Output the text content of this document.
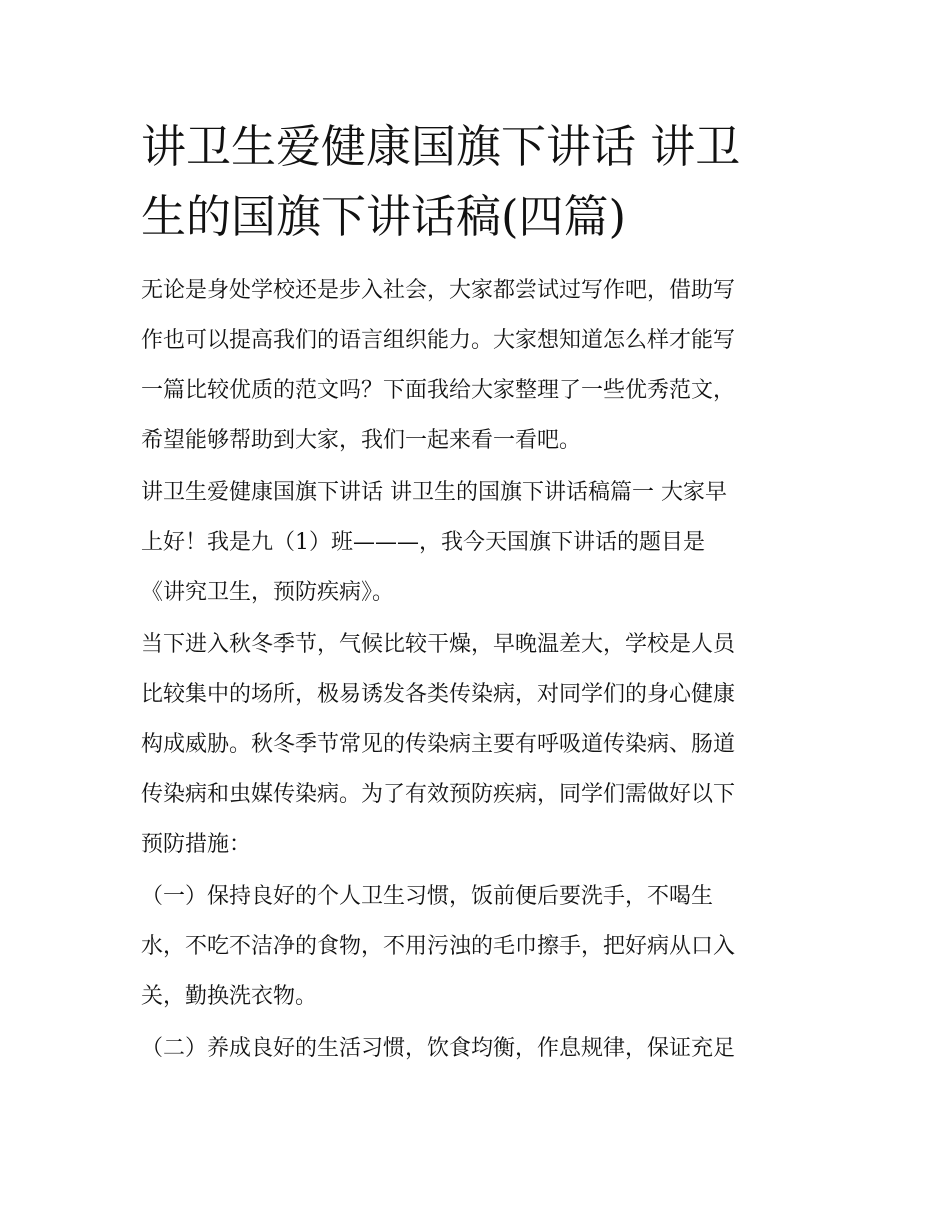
讲卫生爱健康国旗下讲话 讲卫
生的国旗下讲话稿(四篇)

无论是身处学校还是步入社会，大家都尝试过写作吧，借助写
作也可以提高我们的语言组织能力。大家想知道怎么样才能写
一篇比较优质的范文吗？下面我给大家整理了一些优秀范文，
希望能够帮助到大家，我们一起来看一看吧。

讲卫生爱健康国旗下讲话 讲卫生的国旗下讲话稿篇一 大家早
上好！我是九（1）班———，我今天国旗下讲话的题目是
《讲究卫生，预防疾病》。

当下进入秋冬季节，气候比较干燥，早晚温差大，学校是人员
比较集中的场所，极易诱发各类传染病，对同学们的身心健康
构成威胁。秋冬季节常见的传染病主要有呼吸道传染病、肠道
传染病和虫媒传染病。为了有效预防疾病，同学们需做好以下
预防措施：

（一）保持良好的个人卫生习惯，饭前便后要洗手，不喝生
水，不吃不洁净的食物，不用污浊的毛巾擦手，把好病从口入
关，勤换洗衣物。

（二）养成良好的生活习惯，饮食均衡，作息规律，保证充足
